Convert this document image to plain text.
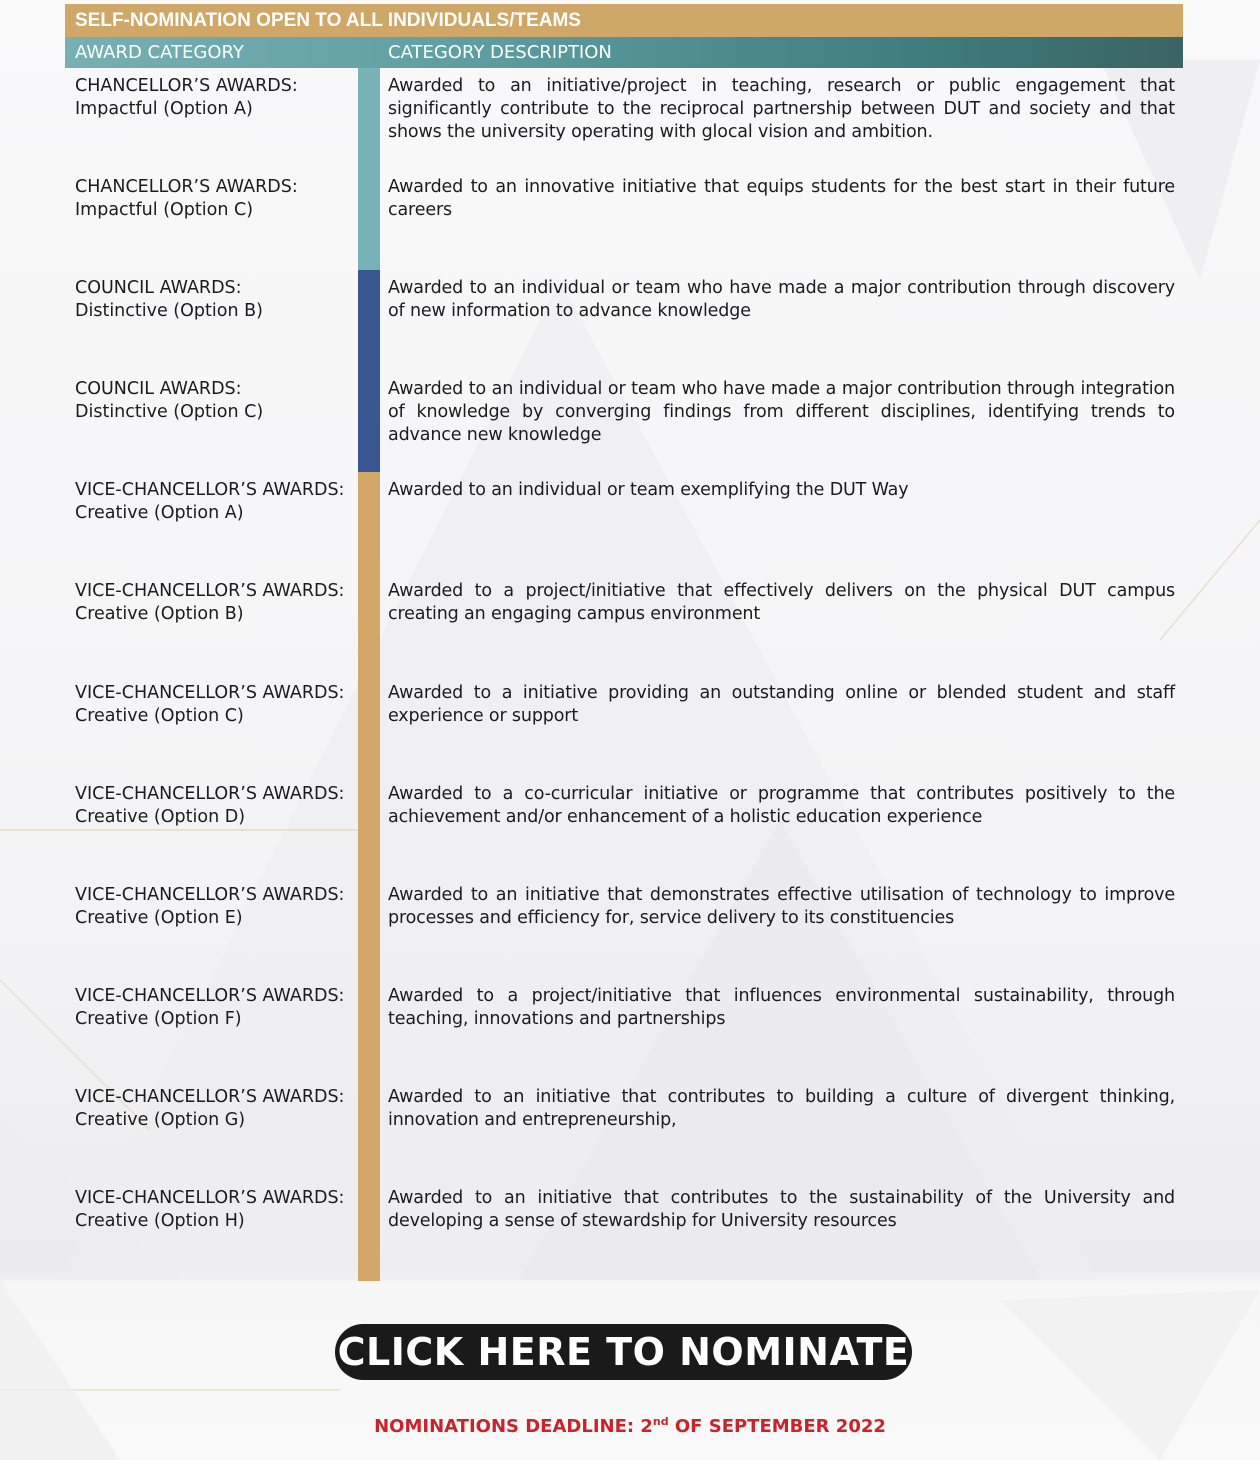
SELF-NOMINATION OPEN TO ALL INDIVIDUALS/TEAMS
AWARD CATEGORY	CATEGORY DESCRIPTION
CHANCELLOR’S AWARDS:
Impactful (Option A)
Awarded to an initiative/project in teaching, research or public engagement that significantly contribute to the reciprocal partnership between DUT and society and that shows the university operating with glocal vision and ambition.
CHANCELLOR’S AWARDS:
Impactful (Option C)
Awarded to an innovative initiative that equips students for the best start in their future careers
COUNCIL AWARDS:
Distinctive (Option B)
Awarded to an individual or team who have made a major contribution through discovery of new information to advance knowledge
COUNCIL AWARDS:
Distinctive (Option C)
Awarded to an individual or team who have made a major contribution through integration of knowledge by converging findings from different disciplines, identifying trends to advance new knowledge
VICE-CHANCELLOR’S AWARDS:
Creative (Option A)
Awarded to an individual or team exemplifying the DUT Way
VICE-CHANCELLOR’S AWARDS:
Creative (Option B)
Awarded to a project/initiative that effectively delivers on the physical DUT campus creating an engaging campus environment
VICE-CHANCELLOR’S AWARDS:
Creative (Option C)
Awarded to a initiative providing an outstanding online or blended student and staff experience or support
VICE-CHANCELLOR’S AWARDS:
Creative (Option D)
Awarded to a co-curricular initiative or programme that contributes positively to the achievement and/or enhancement of a holistic education experience
VICE-CHANCELLOR’S AWARDS:
Creative (Option E)
Awarded to an initiative that demonstrates effective utilisation of technology to improve processes and efficiency for, service delivery to its constituencies
VICE-CHANCELLOR’S AWARDS:
Creative (Option F)
Awarded to a project/initiative that influences environmental sustainability, through teaching, innovations and partnerships
VICE-CHANCELLOR’S AWARDS:
Creative (Option G)
Awarded to an initiative that contributes to building a culture of divergent thinking, innovation and entrepreneurship,
VICE-CHANCELLOR’S AWARDS:
Creative (Option H)
Awarded to an initiative that contributes to the sustainability of the University and developing a sense of stewardship for University resources
CLICK HERE TO NOMINATE
NOMINATIONS DEADLINE: 2nd OF SEPTEMBER 2022
